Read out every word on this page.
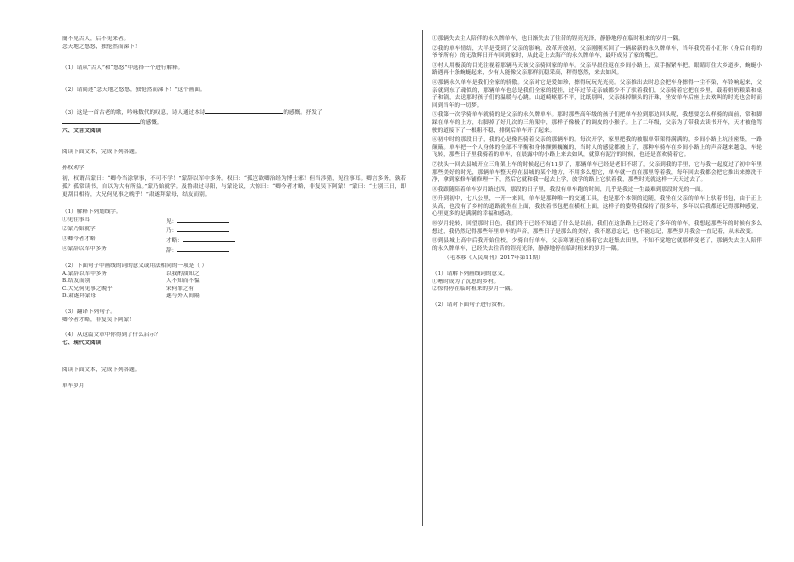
簡不见古人，后不见来者。
念天地之悠悠，独怆然而涕下！
（1）请从“古人”和“悠悠”中选择一个进行解释。
（2）请简述“念天地之悠悠，独怆然而涕下！”这个画面。
（3）这是一首古老的歌，吟咏数代的叹息，诗人通过本诗	的感慨。抒发了
的感慨。
六、文言文阅读
阅读下面文本，完成下列各题。
孙权劝学
初，权谓吕蒙曰：“卿今当涂掌事，不可不学！”蒙辞以军中多务。权曰：“孤岂欲卿治经为博士邪！但当涉猎，见往事耳。卿言多务，孰若孤？孤常读书，自以为大有所益。”蒙乃始就学。及鲁肃过寻阳，与蒙论议，大惊曰：“卿今者才略，非复吴下阿蒙！”蒙曰：“士别三日，即更刮目相待，大兄何见事之晚乎！”肃遂拜蒙母，结友而别。
（1）解释下列划线字。
①见往事耳	见：
②蒙乃始就学	乃：
③卿今者才略	才略：
④蒙辞以军中多务	辞：
（2）下面句子中画线的词的意义或用法相同的一项是（ ）
A.蒙辞以军中多务	以我酌油知之
B.结友而别	人不知而不愠
C.大兄何见事之晚乎	宋何罪之有
D.肃遂拜蒙母	遂与外人间隔
（3）翻译下列句子。
卿今者才略，非复吴下阿蒙！
（4）从这篇文章中你得到了什么启示？
七、现代文阅读
阅读下面文本，完成下列各题。
单车岁月
①那辆失去主人陪伴的永久牌单车，也日渐失去了往昔的锃亮光泽，静静地停在临时租来的岁月一隅。
②我的单车情结，大半是受到了父亲的影响。改革开放初，父亲刚刚买回了一辆崭新的永久牌单车，当年我凭着小汇你（身后自将的爷爷所有）的无敌辉日开车回到家时，从此走上去海产的永久牌单车，最吓成另了家的嘴巴。
③村人用极羡的目光注视着那辆马天该父亲骑回家的单车。父亲早晨往返在乡间小路上，双手握紧车把，眼睛盯住大乡道步，蜿蜒小路遇再十条蜿蜒起来，少有人能像父亲那样沉稳采高，秤得悠然，来去如风。
④那辆永久单车是我们全家的骄傲。父亲对它是爱如珍，擦得玩玩光光亮。父亲推出去时总会把车身擦得一尘不染，车铃响起来，父亲就到东了魂似的，那辆单车也总是我们全家的提挂，过年过节走亲戚都少不了驮着我们，父亲骑着它把在乡里，载着奶奶粮菜和桌子和锅，去送那时孩子们的温暖与心跳。山道崎岖那不平，比纸别叫，父亲抹掉额头的汗珠，坐安单车后座上去欢叫的时光也会时而回到当年的一切梦。
⑤我第一次学骑单车就骑的是父亲的永久牌单车。那时那些高年级的孩子们把单车拉到那边回头呢，我想要怎么样骑的面前，常和脚踩在单车的上方，右脚掉了好几次的三角架中，那样子像极了的调皮的小猴子。上了二年级，父亲为了带我去读书开车，天才被他驾驶的道接下了一根粗不稳，排倒后单车开了起来。
⑥初中时的那段日子，我的心是像匹骑着父亲的那辆车的。每次开学，家里把我的被服单带架得满满的，乡间小路上坑洼密集，一路颠簸。单车把一个人身体的全部不平衡和身体颤颤巍巍的，当时人的感觉都被上了，那种车骑车在乡间小路上的声音越来越急，车轮飞转，那些日子里我骑着的单车，在晨露中的小路上来去如风，就算有泥泞的时候，也还是喜欢骑着它。
⑦扶头一回去县城开立三角架上车的时候起已有11岁了，那辆单车已经是老旧不堪了，父亲到我的手里，它与我一起度过了初中年里那些美好的时光，那辆单车整天停在县城的某个地方，不用多么想它，单车就一直在那里等着我，每年回去我都会把它推出来擦洗干净，拿到家修车铺修理一下，然后它就和我一起去上学，放学的路上它驮着我，那些时光就这样一天天过去了。
⑧我跟随陪着单车岁月路过四，那段的日子里，我没有单车跑的时间，几乎是我过一生最难到那段时光的一面。
⑨升到初中，七八公里，一开一来回，单车是那种唯一的交通工具，也是那个本领的追随，我坐在父亲的单车上驮着书包，由于正上头高，也没有了乡村的道路就坐在上面，我扶着书包把在横杠上面，这样子的姿势我保持了很多年，多年以后我都还记得那种感觉，心里更多的是满满的幸福和感动。
⑩岁月轮转，回望那时日色，我们终于已经不知道了什么是以前，我们在这条路上已经走了多年的单车，我想起那些年的时候有多么想过，我仍然记得那些年里单车的声音，那些日子是那么的美好，我不愿意忘记，也不能忘记，那些岁月我会一直记着，从未改变。
⑪到县城上高中后我开始住校，少骑自行单车，父亲寒暑还在骑着它去赶集去田里，不知不觉地它就那样变老了，那辆失去主人陪伴的永久牌单车，已经失去往昔的锃亮光泽，静静地停在临时租来的岁月一隅。
（毛本移《人民周刊》2017年第11期）
（1）请解下列画线词的意义。
①嘈时成为了沉思的乡村。
②惊得停在临时租来的岁月一隅。
（2）请对下面句子进行赏析。
